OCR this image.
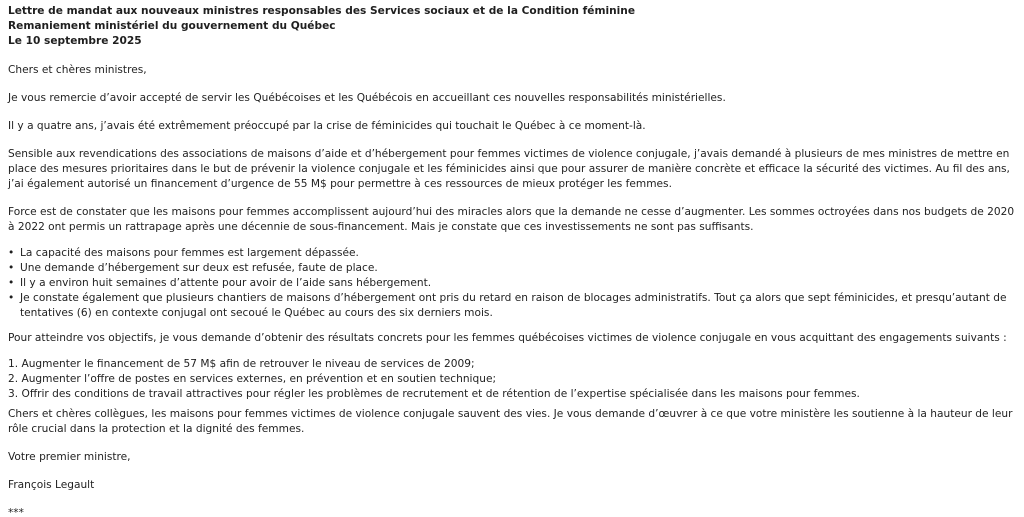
Lettre de mandat aux nouveaux ministres responsables des Services sociaux et de la Condition féminine
Remaniement ministériel du gouvernement du Québec
Le 10 septembre 2025

Chers et chères ministres,

Je vous remercie d’avoir accepté de servir les Québécoises et les Québécois en accueillant ces nouvelles responsabilités ministérielles.

Il y a quatre ans, j’avais été extrêmement préoccupé par la crise de féminicides qui touchait le Québec à ce moment-là.

Sensible aux revendications des associations de maisons d’aide et d’hébergement pour femmes victimes de violence conjugale, j’avais demandé à plusieurs de mes ministres de mettre en place des mesures prioritaires dans le but de prévenir la violence conjugale et les féminicides ainsi que pour assurer de manière concrète et efficace la sécurité des victimes. Au fil des ans, j’ai également autorisé un financement d’urgence de 55 M$ pour permettre à ces ressources de mieux protéger les femmes.

Force est de constater que les maisons pour femmes accomplissent aujourd’hui des miracles alors que la demande ne cesse d’augmenter. Les sommes octroyées dans nos budgets de 2020 à 2022 ont permis un rattrapage après une décennie de sous-financement. Mais je constate que ces investissements ne sont pas suffisants.

• La capacité des maisons pour femmes est largement dépassée.
• Une demande d’hébergement sur deux est refusée, faute de place.
• Il y a environ huit semaines d’attente pour avoir de l’aide sans hébergement.
• Je constate également que plusieurs chantiers de maisons d’hébergement ont pris du retard en raison de blocages administratifs. Tout ça alors que sept féminicides, et presqu’autant de tentatives (6) en contexte conjugal ont secoué le Québec au cours des six derniers mois.

Pour atteindre vos objectifs, je vous demande d’obtenir des résultats concrets pour les femmes québécoises victimes de violence conjugale en vous acquittant des engagements suivants :

1. Augmenter le financement de 57 M$ afin de retrouver le niveau de services de 2009;
2. Augmenter l’offre de postes en services externes, en prévention et en soutien technique;
3. Offrir des conditions de travail attractives pour régler les problèmes de recrutement et de rétention de l’expertise spécialisée dans les maisons pour femmes.

Chers et chères collègues, les maisons pour femmes victimes de violence conjugale sauvent des vies. Je vous demande d’œuvrer à ce que votre ministère les soutienne à la hauteur de leur rôle crucial dans la protection et la dignité des femmes.

Votre premier ministre,

François Legault

***
